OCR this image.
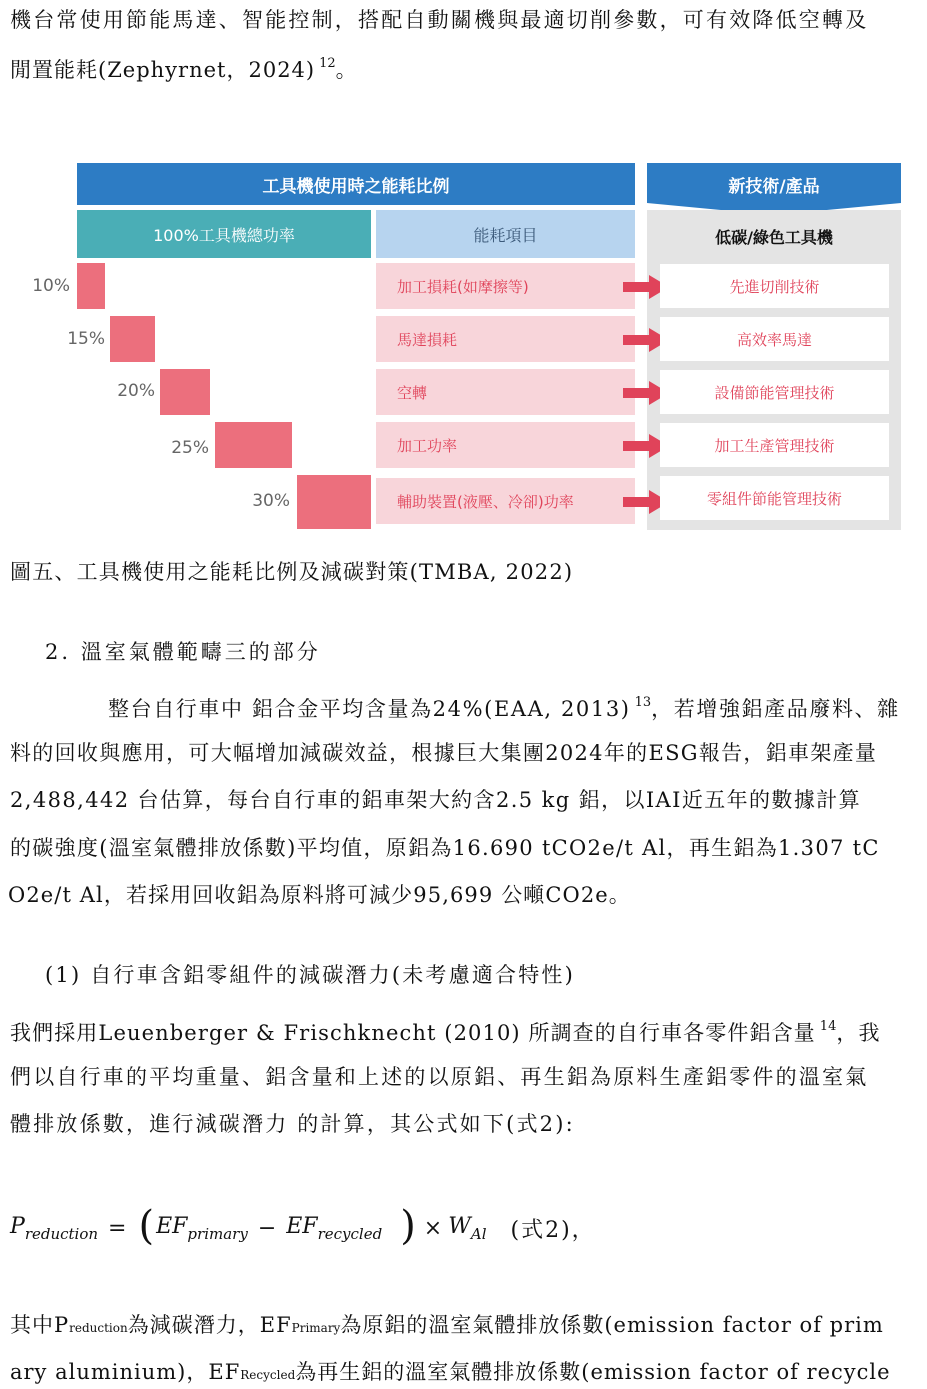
機台常使用節能馬達、智能控制，搭配自動關機與最適切削參數，可有效降低空轉及
閒置能耗(Zephyrnet，2024) $^{12}$。
工具機使用時之能耗比例	新技術/產品
100%工具機總功率	能耗項目	低碳/綠色工具機
10%	加工損耗(如摩擦等)	先進切削技術
15%	馬達損耗	高效率馬達
20%	空轉	設備節能管理技術
25%	加工功率	加工生產管理技術
30%	輔助裝置(液壓、冷卻)功率	零組件節能管理技術
圖五、工具機使用之能耗比例及減碳對策(TMBA, 2022)
2. 溫室氣體範疇三的部分
整台自行車中 鋁合金平均含量為24%(EAA, 2013) $^{13}$，若增強鋁產品廢料、雜
料的回收與應用，可大幅增加減碳效益，根據巨大集團2024年的ESG報告，鋁車架產量
2,488,442 台估算，每台自行車的鋁車架大約含2.5 kg 鋁，以IAI近五年的數據計算
的碳強度(溫室氣體排放係數)平均值，原鋁為16.690 tCO2e/t Al，再生鋁為1.307 tC
O2e/t Al，若採用回收鋁為原料將可減少95,699 公噸CO2e。
(1) 自行車含鋁零組件的減碳潛力(未考慮適合特性)
我們採用Leuenberger & Frischknecht (2010) 所調查的自行車各零件鋁含量 $^{14}$，我
們以自行車的平均重量、鋁含量和上述的以原鋁、再生鋁為原料生產鋁零件的溫室氣
體排放係數，進行減碳潛力 的計算，其公式如下(式2):
$P_{reduction}$ = ( $EF_{primary} - EF_{recycled}$ ) × $W_{Al}$ (式2)，
其中Preduction為減碳潛力，EFPrimary為原鋁的溫室氣體排放係數(emission factor of prim
ary aluminium)，EFRecycled為再生鋁的溫室氣體排放係數(emission factor of recycle
